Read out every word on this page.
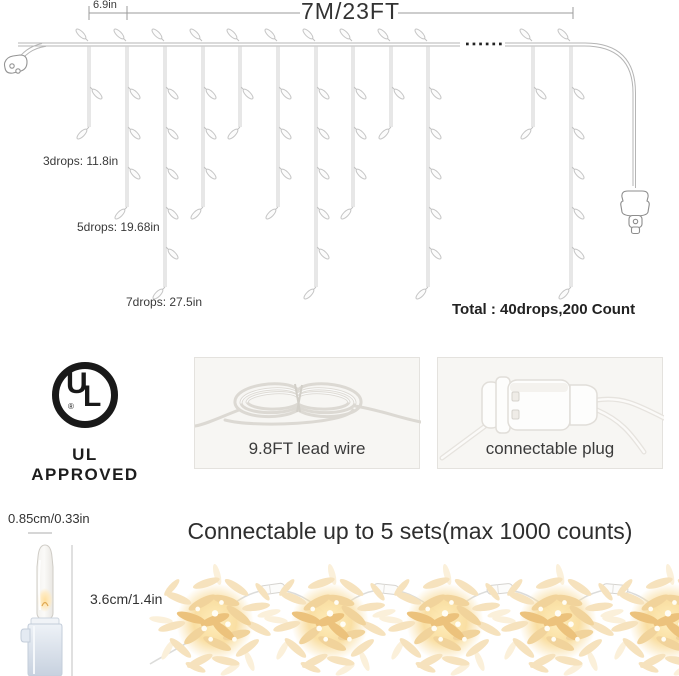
7M/23FT
6.9in
3drops: 11.8in
5drops: 19.68in
7drops: 27.5in	Total : 40drops,200 Count
U
L
®
UL APPROVED
9.8FT lead wire	connectable plug
0.85cm/0.33in
3.6cm/1.4in
Connectable up to 5 sets(max 1000 counts)
